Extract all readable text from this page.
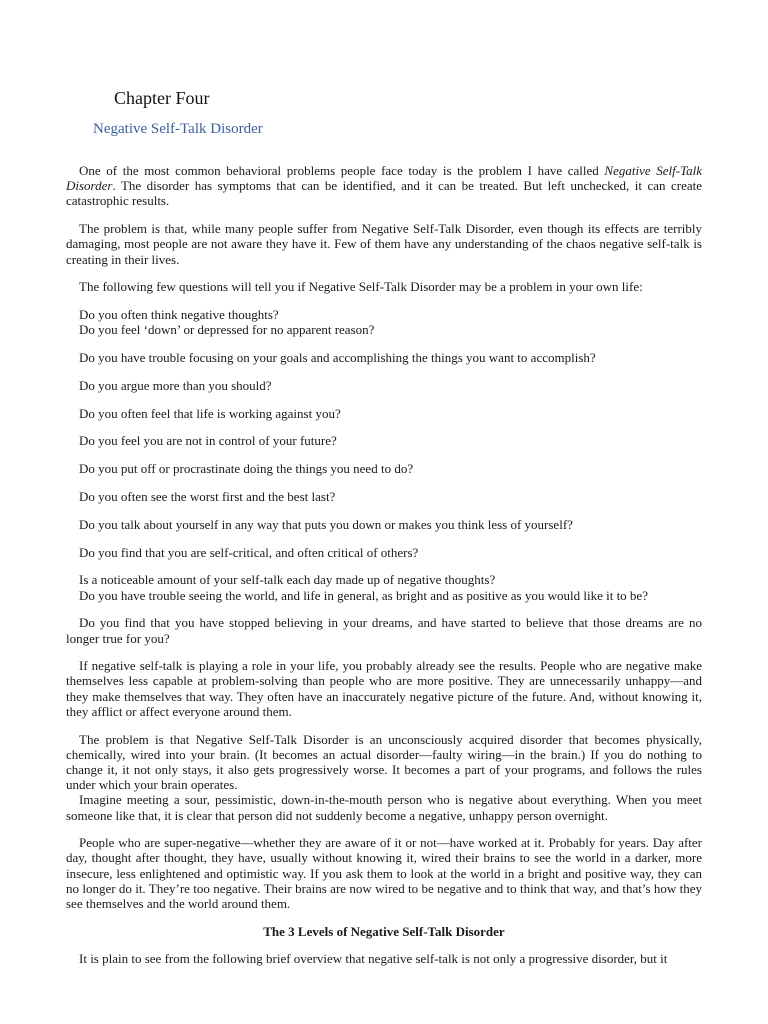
Chapter Four
Negative Self-Talk Disorder

One of the most common behavioral problems people face today is the problem I have called Negative Self-Talk Disorder. The disorder has symptoms that can be identified, and it can be treated. But left unchecked, it can create catastrophic results.

The problem is that, while many people suffer from Negative Self-Talk Disorder, even though its effects are terribly damaging, most people are not aware they have it. Few of them have any understanding of the chaos negative self-talk is creating in their lives.

The following few questions will tell you if Negative Self-Talk Disorder may be a problem in your own life:

Do you often think negative thoughts?
Do you feel ‘down’ or depressed for no apparent reason?
Do you have trouble focusing on your goals and accomplishing the things you want to accomplish?
Do you argue more than you should?
Do you often feel that life is working against you?
Do you feel you are not in control of your future?
Do you put off or procrastinate doing the things you need to do?
Do you often see the worst first and the best last?
Do you talk about yourself in any way that puts you down or makes you think less of yourself?
Do you find that you are self-critical, and often critical of others?
Is a noticeable amount of your self-talk each day made up of negative thoughts?
Do you have trouble seeing the world, and life in general, as bright and as positive as you would like it to be?

Do you find that you have stopped believing in your dreams, and have started to believe that those dreams are no longer true for you?

If negative self-talk is playing a role in your life, you probably already see the results. People who are negative make themselves less capable at problem-solving than people who are more positive. They are unnecessarily unhappy—and they make themselves that way. They often have an inaccurately negative picture of the future. And, without knowing it, they afflict or affect everyone around them.

The problem is that Negative Self-Talk Disorder is an unconsciously acquired disorder that becomes physically, chemically, wired into your brain. (It becomes an actual disorder—faulty wiring—in the brain.) If you do nothing to change it, it not only stays, it also gets progressively worse. It becomes a part of your programs, and follows the rules under which your brain operates.

Imagine meeting a sour, pessimistic, down-in-the-mouth person who is negative about everything. When you meet someone like that, it is clear that person did not suddenly become a negative, unhappy person overnight.

People who are super-negative—whether they are aware of it or not—have worked at it. Probably for years. Day after day, thought after thought, they have, usually without knowing it, wired their brains to see the world in a darker, more insecure, less enlightened and optimistic way. If you ask them to look at the world in a bright and positive way, they can no longer do it. They’re too negative. Their brains are now wired to be negative and to think that way, and that’s how they see themselves and the world around them.

The 3 Levels of Negative Self-Talk Disorder

It is plain to see from the following brief overview that negative self-talk is not only a progressive disorder, but it
